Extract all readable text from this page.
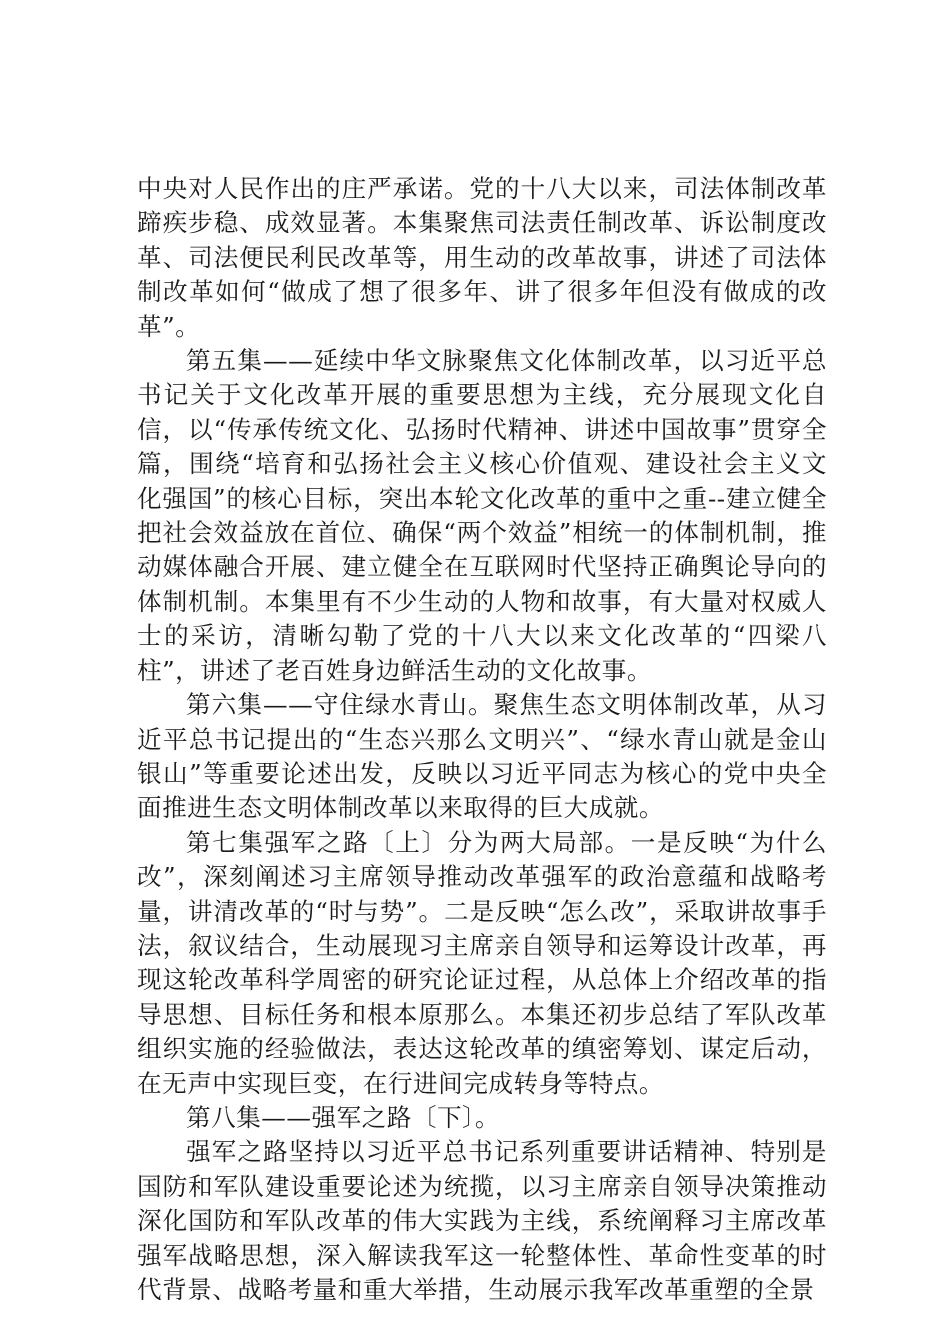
中央对人民作出的庄严承诺。党的十八大以来，司法体制改革蹄疾步稳、成效显著。本集聚焦司法责任制改革、诉讼制度改革、司法便民利民改革等，用生动的改革故事，讲述了司法体制改革如何“做成了想了很多年、讲了很多年但没有做成的改革”。

第五集——延续中华文脉聚焦文化体制改革，以习近平总书记关于文化改革开展的重要思想为主线，充分展现文化自信，以“传承传统文化、弘扬时代精神、讲述中国故事”贯穿全篇，围绕“培育和弘扬社会主义核心价值观、建设社会主义文化强国”的核心目标，突出本轮文化改革的重中之重--建立健全把社会效益放在首位、确保“两个效益”相统一的体制机制，推动媒体融合开展、建立健全在互联网时代坚持正确舆论导向的体制机制。本集里有不少生动的人物和故事，有大量对权威人士的采访，清晰勾勒了党的十八大以来文化改革的“四梁八柱”，讲述了老百姓身边鲜活生动的文化故事。

第六集——守住绿水青山。聚焦生态文明体制改革，从习近平总书记提出的“生态兴那么文明兴”、“绿水青山就是金山银山”等重要论述出发，反映以习近平同志为核心的党中央全面推进生态文明体制改革以来取得的巨大成就。

第七集强军之路〔上〕分为两大局部。一是反映“为什么改”，深刻阐述习主席领导推动改革强军的政治意蕴和战略考量，讲清改革的“时与势”。二是反映“怎么改”，采取讲故事手法，叙议结合，生动展现习主席亲自领导和运筹设计改革，再现这轮改革科学周密的研究论证过程，从总体上介绍改革的指导思想、目标任务和根本原那么。本集还初步总结了军队改革组织实施的经验做法，表达这轮改革的缜密筹划、谋定后动，在无声中实现巨变，在行进间完成转身等特点。

第八集——强军之路〔下〕。

强军之路坚持以习近平总书记系列重要讲话精神、特别是国防和军队建设重要论述为统揽，以习主席亲自领导决策推动深化国防和军队改革的伟大实践为主线，系统阐释习主席改革强军战略思想，深入解读我军这一轮整体性、革命性变革的时代背景、战略考量和重大举措，生动展示我军改革重塑的全景
